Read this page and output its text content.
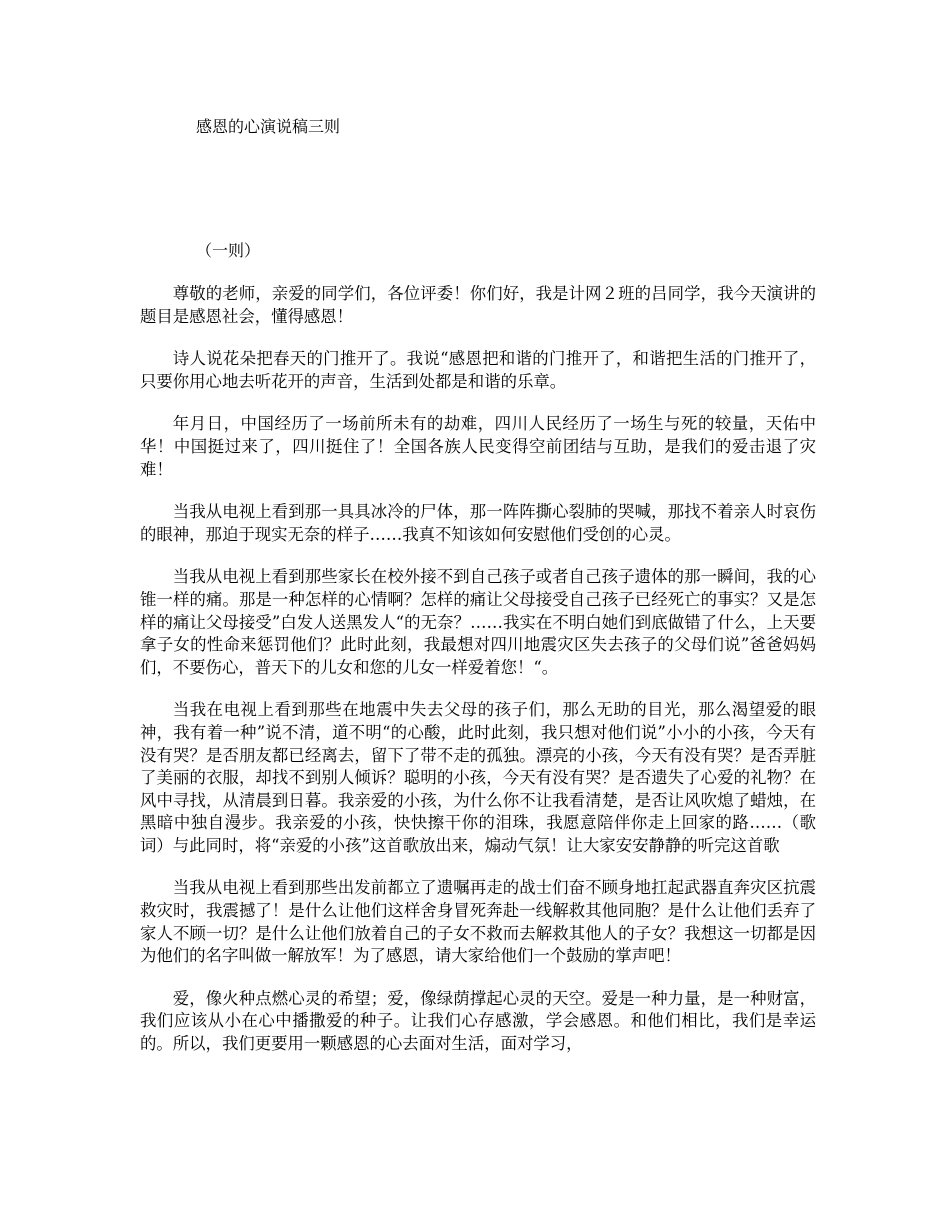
感恩的心演说稿三则

（一则）

尊敬的老师，亲爱的同学们，各位评委！你们好，我是计网２班的吕同学，我今天演讲的题目是感恩社会，懂得感恩！

诗人说花朵把春天的门推开了。我说“感恩把和谐的门推开了，和谐把生活的门推开了，只要你用心地去听花开的声音，生活到处都是和谐的乐章。

年月日，中国经历了一场前所未有的劫难，四川人民经历了一场生与死的较量，天佑中华！中国挺过来了，四川挺住了！全国各族人民变得空前团结与互助，是我们的爱击退了灾难！

当我从电视上看到那一具具冰冷的尸体，那一阵阵撕心裂肺的哭喊，那找不着亲人时哀伤的眼神，那迫于现实无奈的样子……我真不知该如何安慰他们受创的心灵。

当我从电视上看到那些家长在校外接不到自己孩子或者自己孩子遗体的那一瞬间，我的心锥一样的痛。那是一种怎样的心情啊？怎样的痛让父母接受自己孩子已经死亡的事实？又是怎样的痛让父母接受”白发人送黑发人“的无奈？……我实在不明白她们到底做错了什么，上天要拿子女的性命来惩罚他们？此时此刻，我最想对四川地震灾区失去孩子的父母们说”爸爸妈妈们，不要伤心，普天下的儿女和您的儿女一样爱着您！“。

当我在电视上看到那些在地震中失去父母的孩子们，那么无助的目光，那么渴望爱的眼神，我有着一种”说不清，道不明“的心酸，此时此刻，我只想对他们说”小小的小孩，今天有没有哭？是否朋友都已经离去，留下了带不走的孤独。漂亮的小孩，今天有没有哭？是否弄脏了美丽的衣服，却找不到别人倾诉？聪明的小孩，今天有没有哭？是否遗失了心爱的礼物？在风中寻找，从清晨到日暮。我亲爱的小孩，为什么你不让我看清楚，是否让风吹熄了蜡烛，在黑暗中独自漫步。我亲爱的小孩，快快擦干你的泪珠，我愿意陪伴你走上回家的路……（歌词）与此同时，将“亲爱的小孩”这首歌放出来，煽动气氛！让大家安安静静的听完这首歌

当我从电视上看到那些出发前都立了遗嘱再走的战士们奋不顾身地扛起武器直奔灾区抗震救灾时，我震撼了！是什么让他们这样舍身冒死奔赴一线解救其他同胞？是什么让他们丢弃了家人不顾一切？是什么让他们放着自己的子女不救而去解救其他人的子女？我想这一切都是因为他们的名字叫做一解放军！为了感恩，请大家给他们一个鼓励的掌声吧！

爱，像火种点燃心灵的希望；爱，像绿荫撑起心灵的天空。爱是一种力量，是一种财富，我们应该从小在心中播撒爱的种子。让我们心存感激，学会感恩。和他们相比，我们是幸运的。所以，我们更要用一颗感恩的心去面对生活，面对学习，
